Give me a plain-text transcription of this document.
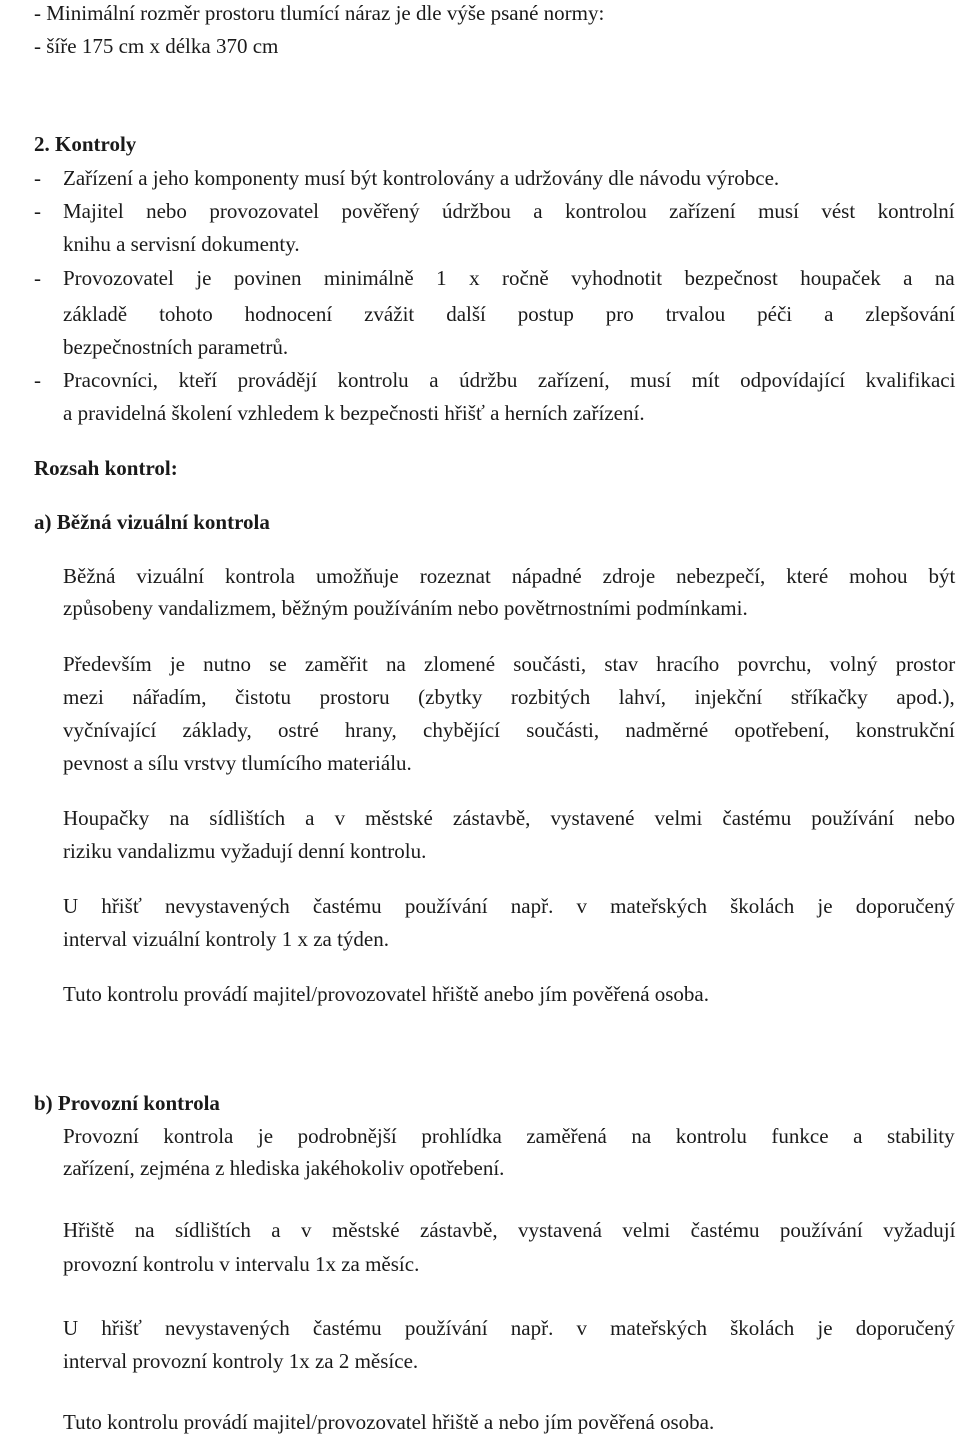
- Minimální rozměr prostoru tlumící náraz je dle výše psané normy:
- šíře 175 cm x délka 370 cm
2. Kontroly
- Zařízení a jeho komponenty musí být kontrolovány a udržovány dle návodu výrobce.
- Majitel nebo provozovatel pověřený údržbou a kontrolou zařízení musí vést kontrolní
knihu a servisní dokumenty.
- Provozovatel je povinen minimálně 1 x ročně vyhodnotit bezpečnost houpaček a na
základě tohoto hodnocení zvážit další postup pro trvalou péči a zlepšování
bezpečnostních parametrů.
- Pracovníci, kteří provádějí kontrolu a údržbu zařízení, musí mít odpovídající kvalifikaci
a pravidelná školení vzhledem k bezpečnosti hřišť a herních zařízení.
Rozsah kontrol:
a) Běžná vizuální kontrola
Běžná vizuální kontrola umožňuje rozeznat nápadné zdroje nebezpečí, které mohou být
způsobeny vandalizmem, běžným používáním nebo povětrnostními podmínkami.
Především je nutno se zaměřit na zlomené součásti, stav hracího povrchu, volný prostor
mezi nářadím, čistotu prostoru (zbytky rozbitých lahví, injekční stříkačky apod.),
vyčnívající základy, ostré hrany, chybějící součásti, nadměrné opotřebení, konstrukční
pevnost a sílu vrstvy tlumícího materiálu.
Houpačky na sídlištích a v městské zástavbě, vystavené velmi častému používání nebo
riziku vandalizmu vyžadují denní kontrolu.
U hřišť nevystavených častému používání např. v mateřských školách je doporučený
interval vizuální kontroly 1 x za týden.
Tuto kontrolu provádí majitel/provozovatel hřiště anebo jím pověřená osoba.
b) Provozní kontrola
Provozní kontrola je podrobnější prohlídka zaměřená na kontrolu funkce a stability
zařízení, zejména z hlediska jakéhokoliv opotřebení.
Hřiště na sídlištích a v městské zástavbě, vystavená velmi častému používání vyžadují
provozní kontrolu v intervalu 1x za měsíc.
U hřišť nevystavených častému používání např. v mateřských školách je doporučený
interval provozní kontroly 1x za 2 měsíce.
Tuto kontrolu provádí majitel/provozovatel hřiště a nebo jím pověřená osoba.
